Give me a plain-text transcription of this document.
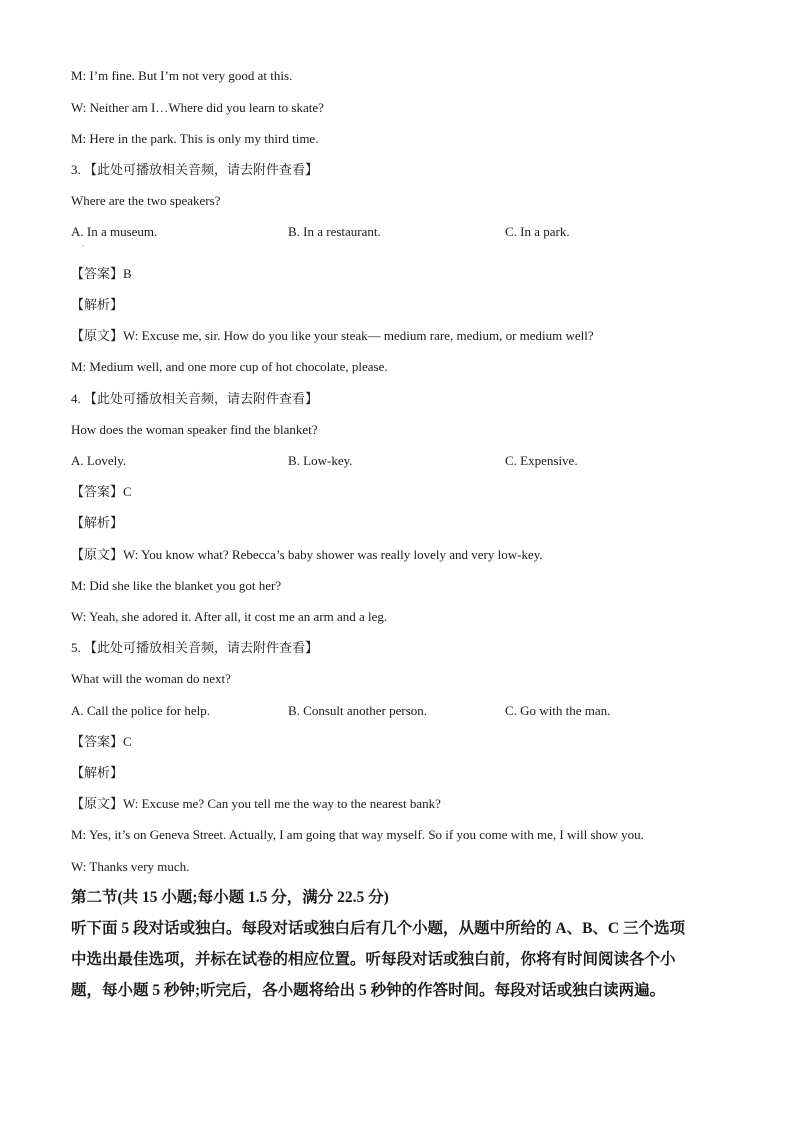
M: I’m fine. But I’m not very good at this.
W: Neither am I…Where did you learn to skate?
M: Here in the park. This is only my third time.
3. 【此处可播放相关音频，请去附件查看】
Where are the two speakers?
A. In a museum.	B. In a restaurant.	C. In a park.
ˊ
【答案】B
【解析】
【原文】W: Excuse me, sir. How do you like your steak— medium rare, medium, or medium well?
M: Medium well, and one more cup of hot chocolate, please.
4. 【此处可播放相关音频，请去附件查看】
How does the woman speaker find the blanket?
A. Lovely.	B. Low-key.	C. Expensive.
【答案】C
【解析】
【原文】W: You know what? Rebecca’s baby shower was really lovely and very low-key.
M: Did she like the blanket you got her?
W: Yeah, she adored it. After all, it cost me an arm and a leg.
5. 【此处可播放相关音频，请去附件查看】
What will the woman do next?
A. Call the police for help.	B. Consult another person.	C. Go with the man.
【答案】C
【解析】
【原文】W: Excuse me? Can you tell me the way to the nearest bank?
M: Yes, it’s on Geneva Street. Actually, I am going that way myself. So if you come with me, I will show you.
W: Thanks very much.
第二节(共 15 小题;每小题 1.5 分，满分 22.5 分)
听下面 5 段对话或独白。每段对话或独白后有几个小题，从题中所给的 A、B、C 三个选项
中选出最佳选项，并标在试卷的相应位置。听每段对话或独白前，你将有时间阅读各个小
题，每小题 5 秒钟;听完后，各小题将给出 5 秒钟的作答时间。每段对话或独白读两遍。
